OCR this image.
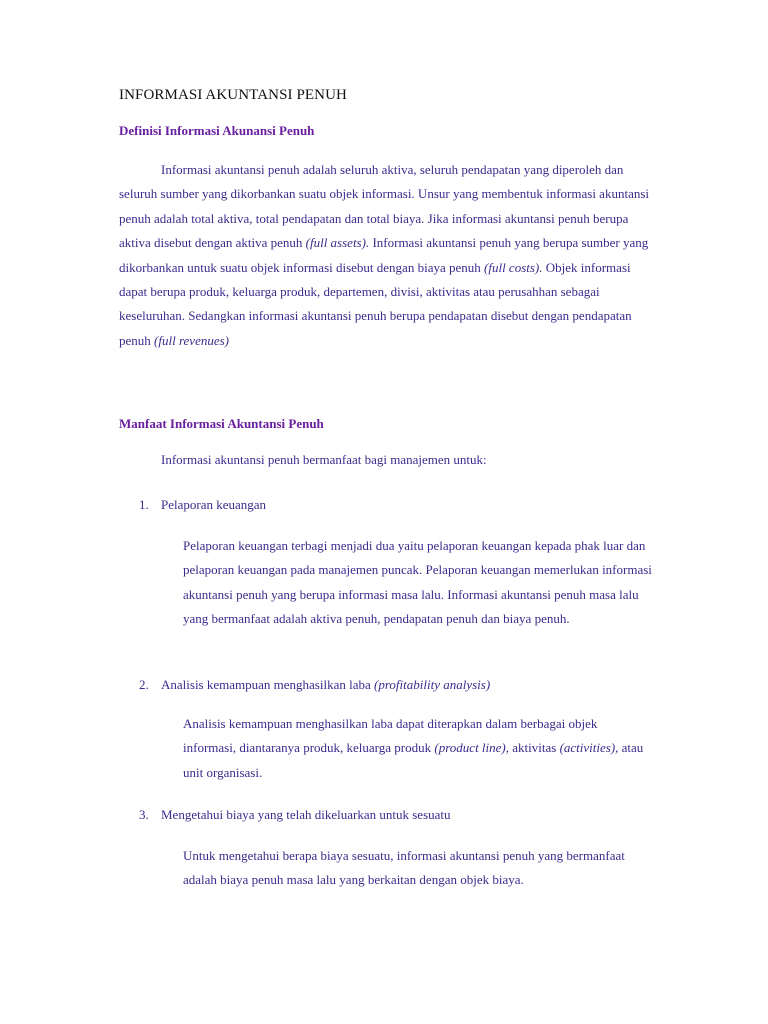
INFORMASI AKUNTANSI PENUH
Definisi Informasi Akunansi Penuh

Informasi akuntansi penuh adalah seluruh aktiva, seluruh pendapatan yang diperoleh dan seluruh sumber yang dikorbankan suatu objek informasi. Unsur yang membentuk informasi akuntansi penuh adalah total aktiva, total pendapatan dan total biaya. Jika informasi akuntansi penuh berupa aktiva disebut dengan aktiva penuh (full assets). Informasi akuntansi penuh yang berupa sumber yang dikorbankan untuk suatu objek informasi disebut dengan biaya penuh (full costs). Objek informasi dapat berupa produk, keluarga produk, departemen, divisi, aktivitas atau perusahhan sebagai keseluruhan. Sedangkan informasi akuntansi penuh berupa pendapatan disebut dengan pendapatan penuh (full revenues)

Manfaat Informasi Akuntansi Penuh

Informasi akuntansi penuh bermanfaat bagi manajemen untuk:

1. Pelaporan keuangan

Pelaporan keuangan terbagi menjadi dua yaitu pelaporan keuangan kepada phak luar dan pelaporan keuangan pada manajemen puncak. Pelaporan keuangan memerlukan informasi akuntansi penuh yang berupa informasi masa lalu. Informasi akuntansi penuh masa lalu yang bermanfaat adalah aktiva penuh, pendapatan penuh dan biaya penuh.

2. Analisis kemampuan menghasilkan laba (profitability analysis)

Analisis kemampuan menghasilkan laba dapat diterapkan dalam berbagai objek informasi, diantaranya produk, keluarga produk (product line), aktivitas (activities), atau unit organisasi.

3. Mengetahui biaya yang telah dikeluarkan untuk sesuatu

Untuk mengetahui berapa biaya sesuatu, informasi akuntansi penuh yang bermanfaat adalah biaya penuh masa lalu yang berkaitan dengan objek biaya.
